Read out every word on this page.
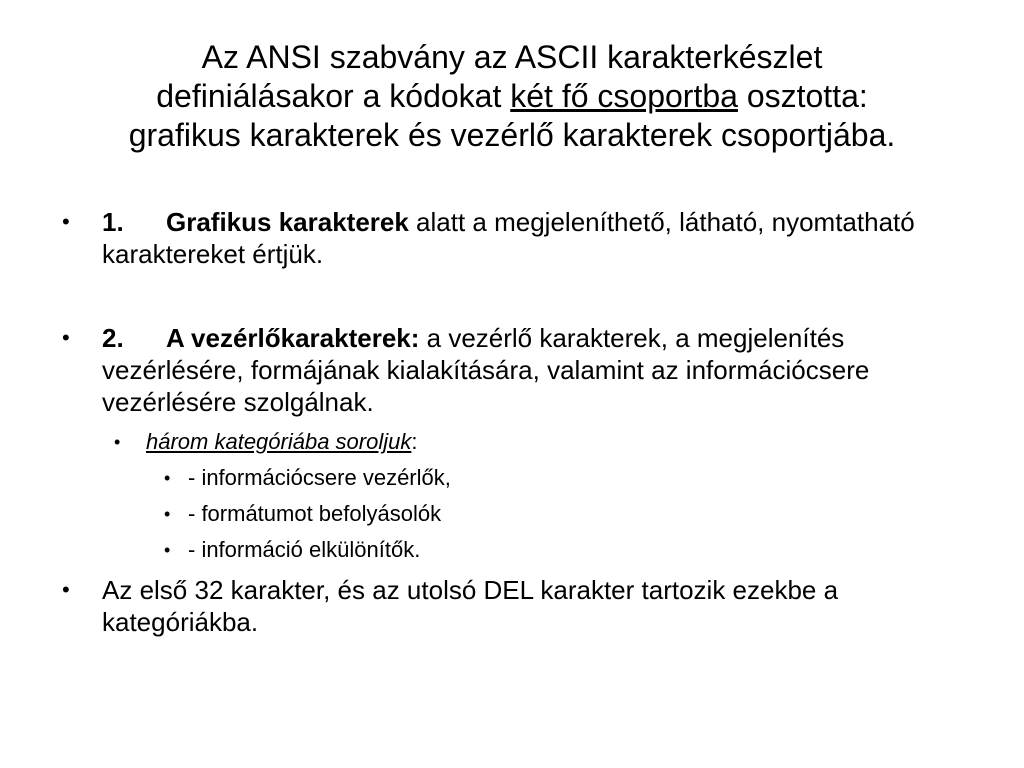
Az ANSI szabvány az ASCII karakterkészlet
definiálásakor a kódokat két fő csoportba osztotta:
grafikus karakterek és vezérlő karakterek csoportjába.
• 1. Grafikus karakterek alatt a megjeleníthető, látható, nyomtatható karaktereket értjük.
• 2. A vezérlőkarakterek: a vezérlő karakterek, a megjelenítés vezérlésére, formájának kialakítására, valamint az információcsere vezérlésére szolgálnak.
• három kategóriába soroljuk:
• - információcsere vezérlők,
• - formátumot befolyásolók
• - információ elkülönítők.
• Az első 32 karakter, és az utolsó DEL karakter tartozik ezekbe a kategóriákba.
